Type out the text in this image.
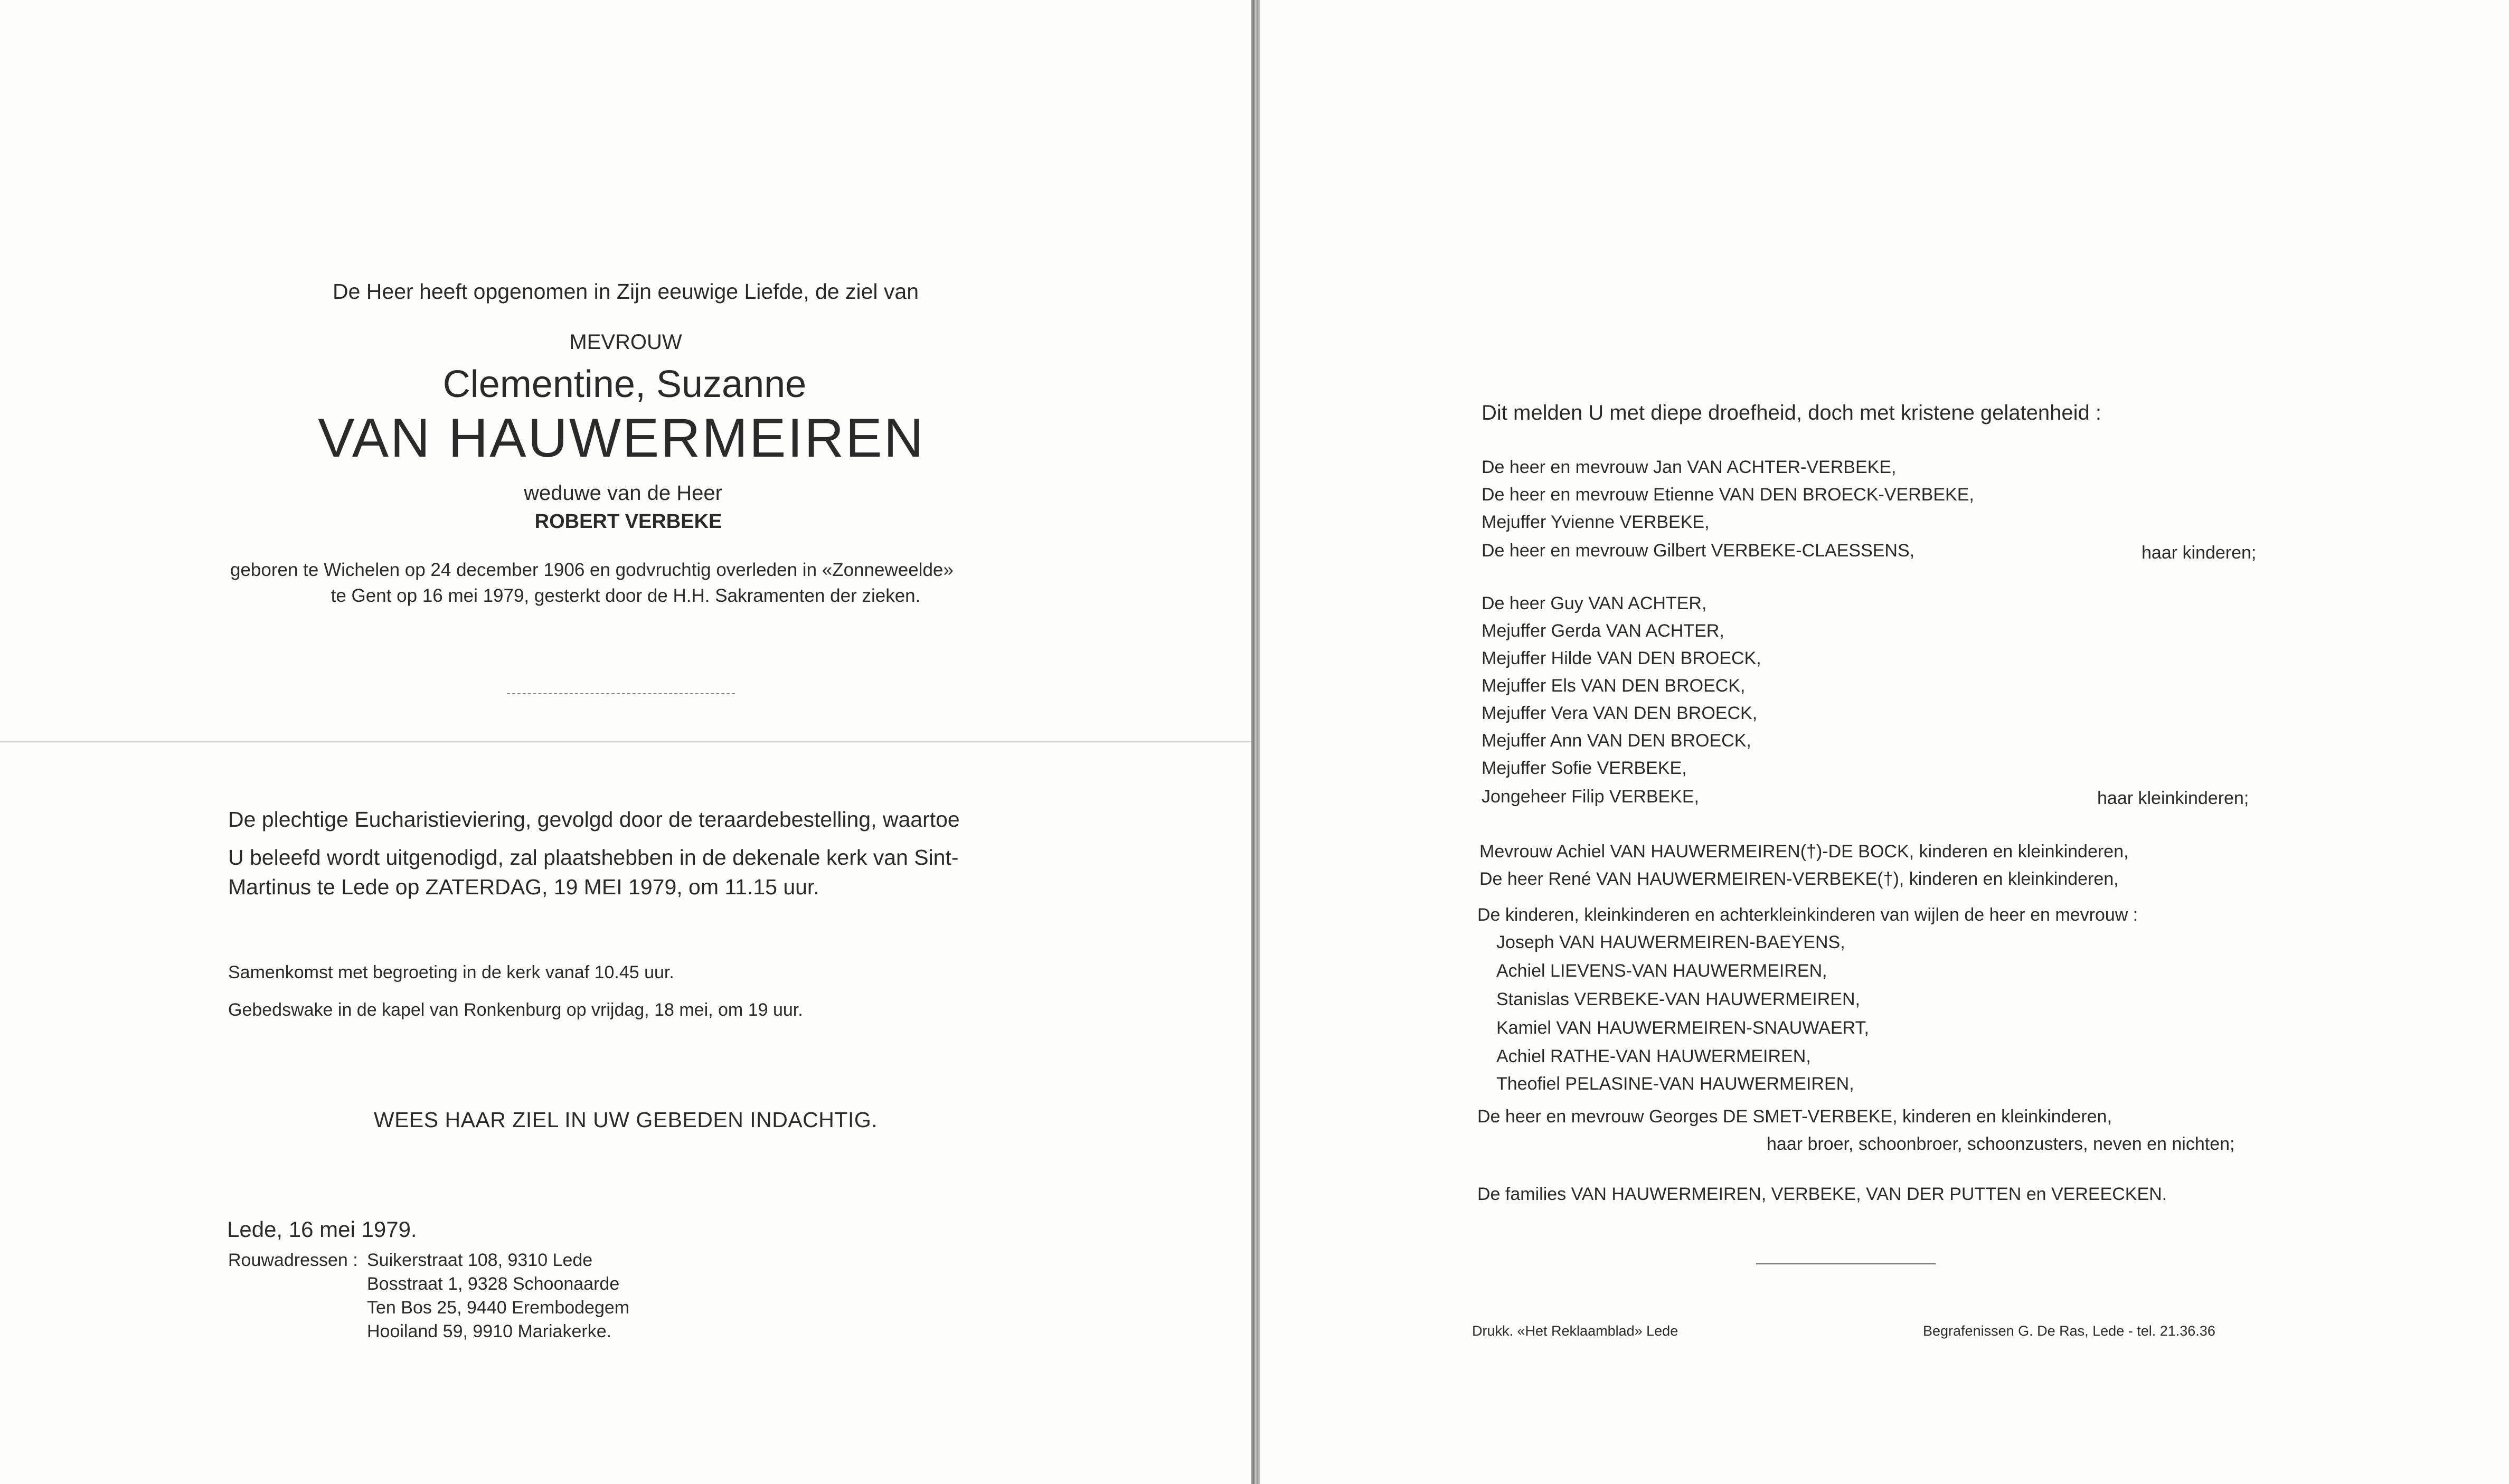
De Heer heeft opgenomen in Zijn eeuwige Liefde, de ziel van
MEVROUW
Clementine, Suzanne
VAN HAUWERMEIREN
weduwe van de Heer
ROBERT VERBEKE
geboren te Wichelen op 24 december 1906 en godvruchtig overleden in «Zonneweelde»
te Gent op 16 mei 1979, gesterkt door de H.H. Sakramenten der zieken.
De plechtige Eucharistieviering, gevolgd door de teraardebestelling, waartoe
U beleefd wordt uitgenodigd, zal plaatshebben in de dekenale kerk van Sint-
Martinus te Lede op ZATERDAG, 19 MEI 1979, om 11.15 uur.
Samenkomst met begroeting in de kerk vanaf 10.45 uur.
Gebedswake in de kapel van Ronkenburg op vrijdag, 18 mei, om 19 uur.
WEES HAAR ZIEL IN UW GEBEDEN INDACHTIG.
Lede, 16 mei 1979.
Rouwadressen : Suikerstraat 108, 9310 Lede
Bosstraat 1, 9328 Schoonaarde
Ten Bos 25, 9440 Erembodegem
Hooiland 59, 9910 Mariakerke.
Dit melden U met diepe droefheid, doch met kristene gelatenheid :
De heer en mevrouw Jan VAN ACHTER-VERBEKE,
De heer en mevrouw Etienne VAN DEN BROECK-VERBEKE,
Mejuffer Yvienne VERBEKE,
De heer en mevrouw Gilbert VERBEKE-CLAESSENS,	haar kinderen;
De heer Guy VAN ACHTER,
Mejuffer Gerda VAN ACHTER,
Mejuffer Hilde VAN DEN BROECK,
Mejuffer Els VAN DEN BROECK,
Mejuffer Vera VAN DEN BROECK,
Mejuffer Ann VAN DEN BROECK,
Mejuffer Sofie VERBEKE,
Jongeheer Filip VERBEKE,	haar kleinkinderen;
Mevrouw Achiel VAN HAUWERMEIREN(†)-DE BOCK, kinderen en kleinkinderen,
De heer René VAN HAUWERMEIREN-VERBEKE(†), kinderen en kleinkinderen,
De kinderen, kleinkinderen en achterkleinkinderen van wijlen de heer en mevrouw :
Joseph VAN HAUWERMEIREN-BAEYENS,
Achiel LIEVENS-VAN HAUWERMEIREN,
Stanislas VERBEKE-VAN HAUWERMEIREN,
Kamiel VAN HAUWERMEIREN-SNAUWAERT,
Achiel RATHE-VAN HAUWERMEIREN,
Theofiel PELASINE-VAN HAUWERMEIREN,
De heer en mevrouw Georges DE SMET-VERBEKE, kinderen en kleinkinderen,
haar broer, schoonbroer, schoonzusters, neven en nichten;
De families VAN HAUWERMEIREN, VERBEKE, VAN DER PUTTEN en VEREECKEN.
Drukk. «Het Reklaamblad» Lede	Begrafenissen G. De Ras, Lede - tel. 21.36.36
